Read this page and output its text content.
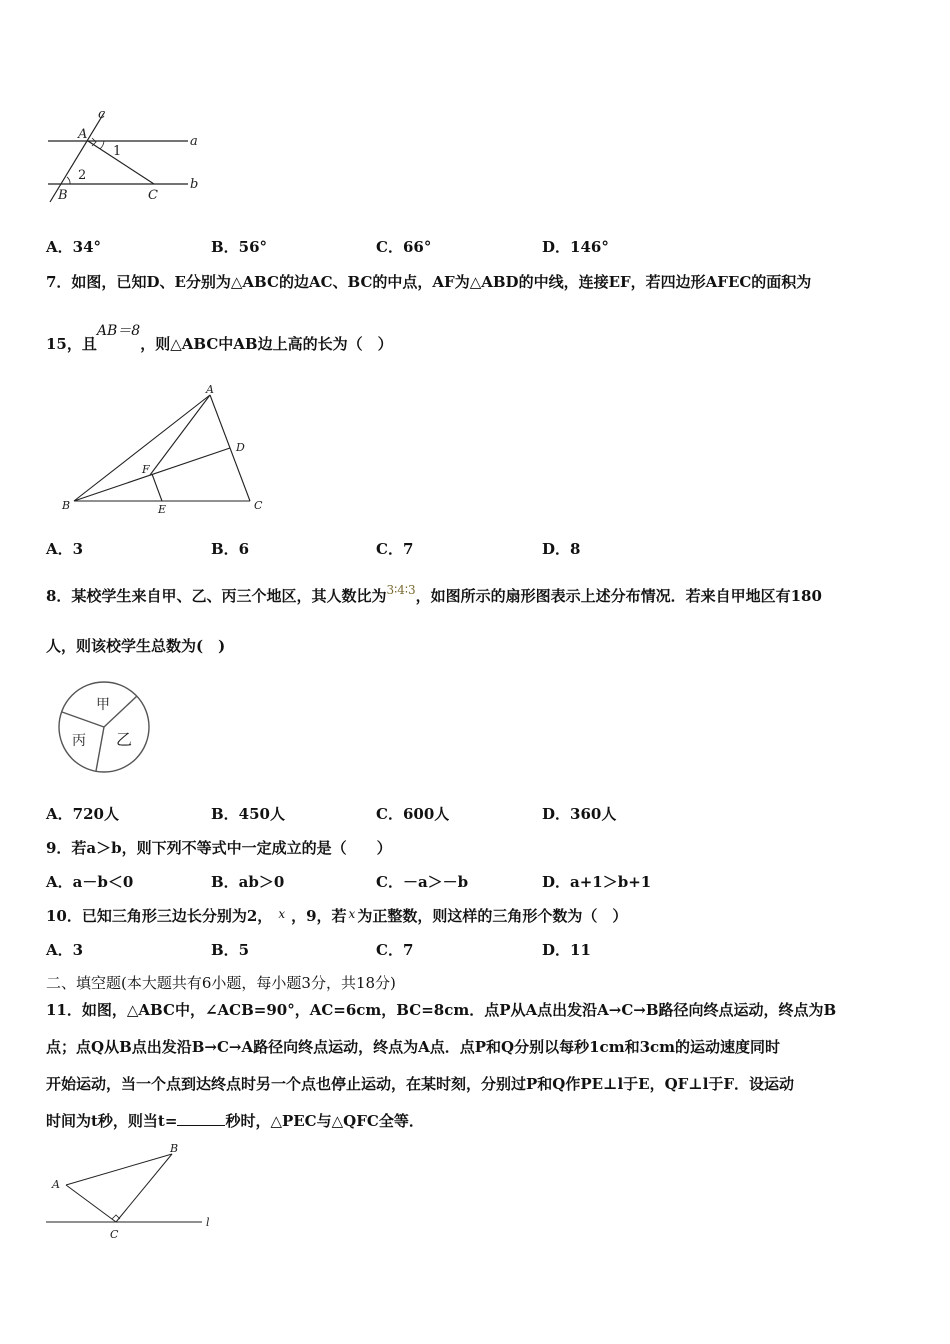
c
A
1
a
2
B	C
b
A．34°	B．56°	C．66°	D．146°
7．如图，已知D、E分别为△ABC的边AC、BC的中点，AF为△ABD的中线，连接EF，若四边形AFEC的面积为
15，且AB＝8，则△ABC中AB边上高的长为（　）
A
D
F
B	E	C
A．3	B．6	C．7	D．8
8．某校学生来自甲、乙、丙三个地区，其人数比为$^{3∶4∶3}$，如图所示的扇形图表示上述分布情况．若来自甲地区有180
人，则该校学生总数为(　)
甲
乙
丙
A．720人	B．450人	C．600人	D．360人
9．若a＞b，则下列不等式中一定成立的是（　　）
A．a－b＜0	B．ab＞0	C．－a＞－b	D．a+1＞b+1
10．已知三角形三边长分别为2， $^x$ ，9，若 $^x$ 为正整数，则这样的三角形个数为（　）
A．3	B．5	C．7	D．11
二、填空题(本大题共有6小题，每小题3分，共18分)
11．如图，△ABC中，∠ACB=90°，AC=6cm，BC=8cm．点P从A点出发沿A→C→B路径向终点运动，终点为B
点；点Q从B点出发沿B→C→A路径向终点运动，终点为A点．点P和Q分别以每秒1cm和3cm的运动速度同时
开始运动，当一个点到达终点时另一个点也停止运动，在某时刻，分别过P和Q作PE⊥l于E，QF⊥l于F．设运动
时间为t秒，则当t=	秒时，△PEC与△QFC全等．
B
A
C
l
